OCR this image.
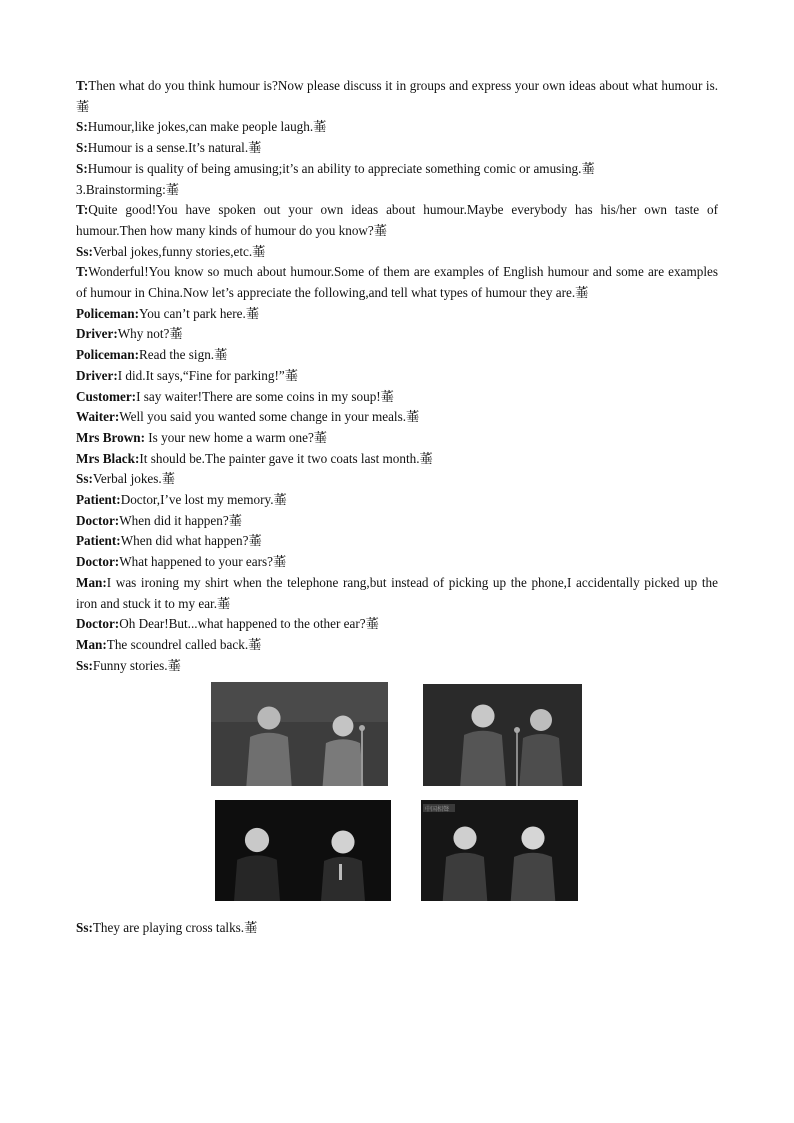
T:Then what do you think humour is?Now please discuss it in groups and express your own ideas about what humour is.菙

S:Humour,like jokes,can make people laugh.菙

S:Humour is a sense.It’s natural.菙

S:Humour is quality of being amusing;it’s an ability to appreciate something comic or amusing.菙

3.Brainstorming:菙

T:Quite good!You have spoken out your own ideas about humour.Maybe everybody has his/her own taste of humour.Then how many kinds of humour do you know?菙

Ss:Verbal jokes,funny stories,etc.菙

T:Wonderful!You know so much about humour.Some of them are examples of English humour and some are examples of humour in China.Now let’s appreciate the following,and tell what types of humour they are.菙

Policeman:You can’t park here.菙

Driver:Why not?菙

Policeman:Read the sign.菙

Driver:I did.It says,“Fine for parking!”菙

Customer:I say waiter!There are some coins in my soup!菙

Waiter:Well you said you wanted some change in your meals.菙

Mrs Brown: Is your new home a warm one?菙

Mrs Black:It should be.The painter gave it two coats last month.菙

Ss:Verbal jokes.菙

Patient:Doctor,I’ve lost my memory.菙

Doctor:When did it happen?菙

Patient:When did what happen?菙

Doctor:What happened to your ears?菙

Man:I was ironing my shirt when the telephone rang,but instead of picking up the phone,I accidentally picked up the iron and stuck it to my ear.菙

Doctor:Oh Dear!But...what happened to the other ear?菙

Man:The scoundrel called back.菙

Ss:Funny stories.菙

中国相聲

Ss:They are playing cross talks.菙
